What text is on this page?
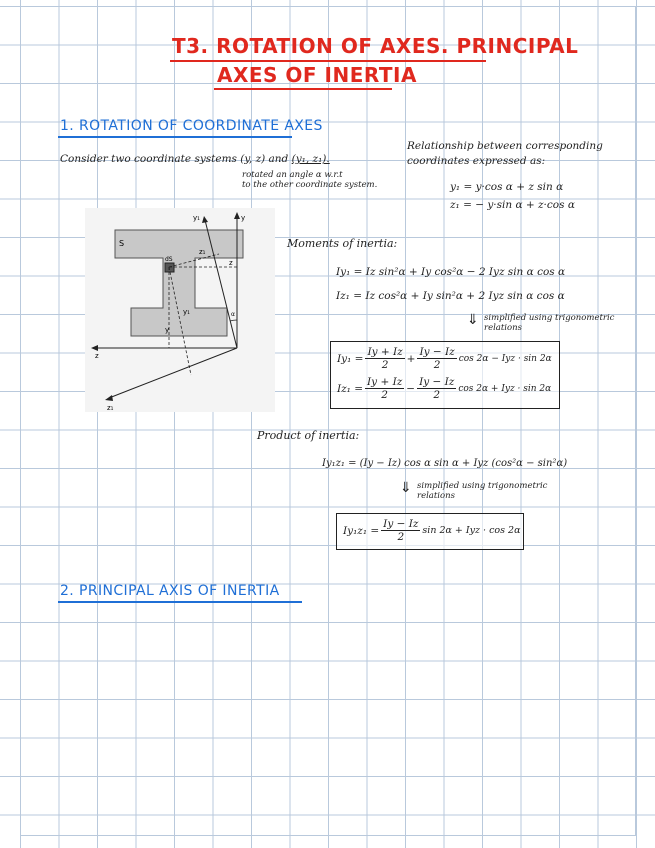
T3. ROTATION OF AXES. PRINCIPAL
AXES OF INERTIA
1. ROTATION OF COORDINATE AXES
Consider two coordinate systems (y, z) and (y₁, z₁).
rotated an angle α w.r.t
to the other coordinate system.
Relationship between corresponding
coordinates expressed as:
y₁ = y·cos α + z sin α
z₁ = − y·sin α + z·cos α
S
dS
y₁	y
z₁
z
y₁
y
z
z₁
α
Moments of inertia:
Iy₁ = Iz sin²α + Iy cos²α − 2 Iyz sin α cos α
Iz₁ = Iz cos²α + Iy sin²α + 2 Iyz sin α cos α
⇓ simplified using trigonometric
relations
$Iy_1 = \frac{Iy + Iz}{2} + \frac{Iy - Iz}{2}$ cos 2α − Iyz · sin 2α
$Iz_1 = \frac{Iy + Iz}{2} - \frac{Iy - Iz}{2}$ cos 2α + Iyz · sin 2α
Product of inertia:
Iy₁z₁ = (Iy − Iz) cos α sin α + Iyz (cos²α − sin²α)
⇓ simplified using trigonometric
relations
$Iy_1z_1 = \frac{Iy - Iz}{2}$ sin 2α + Iyz · cos 2α
2. PRINCIPAL AXIS OF INERTIA
